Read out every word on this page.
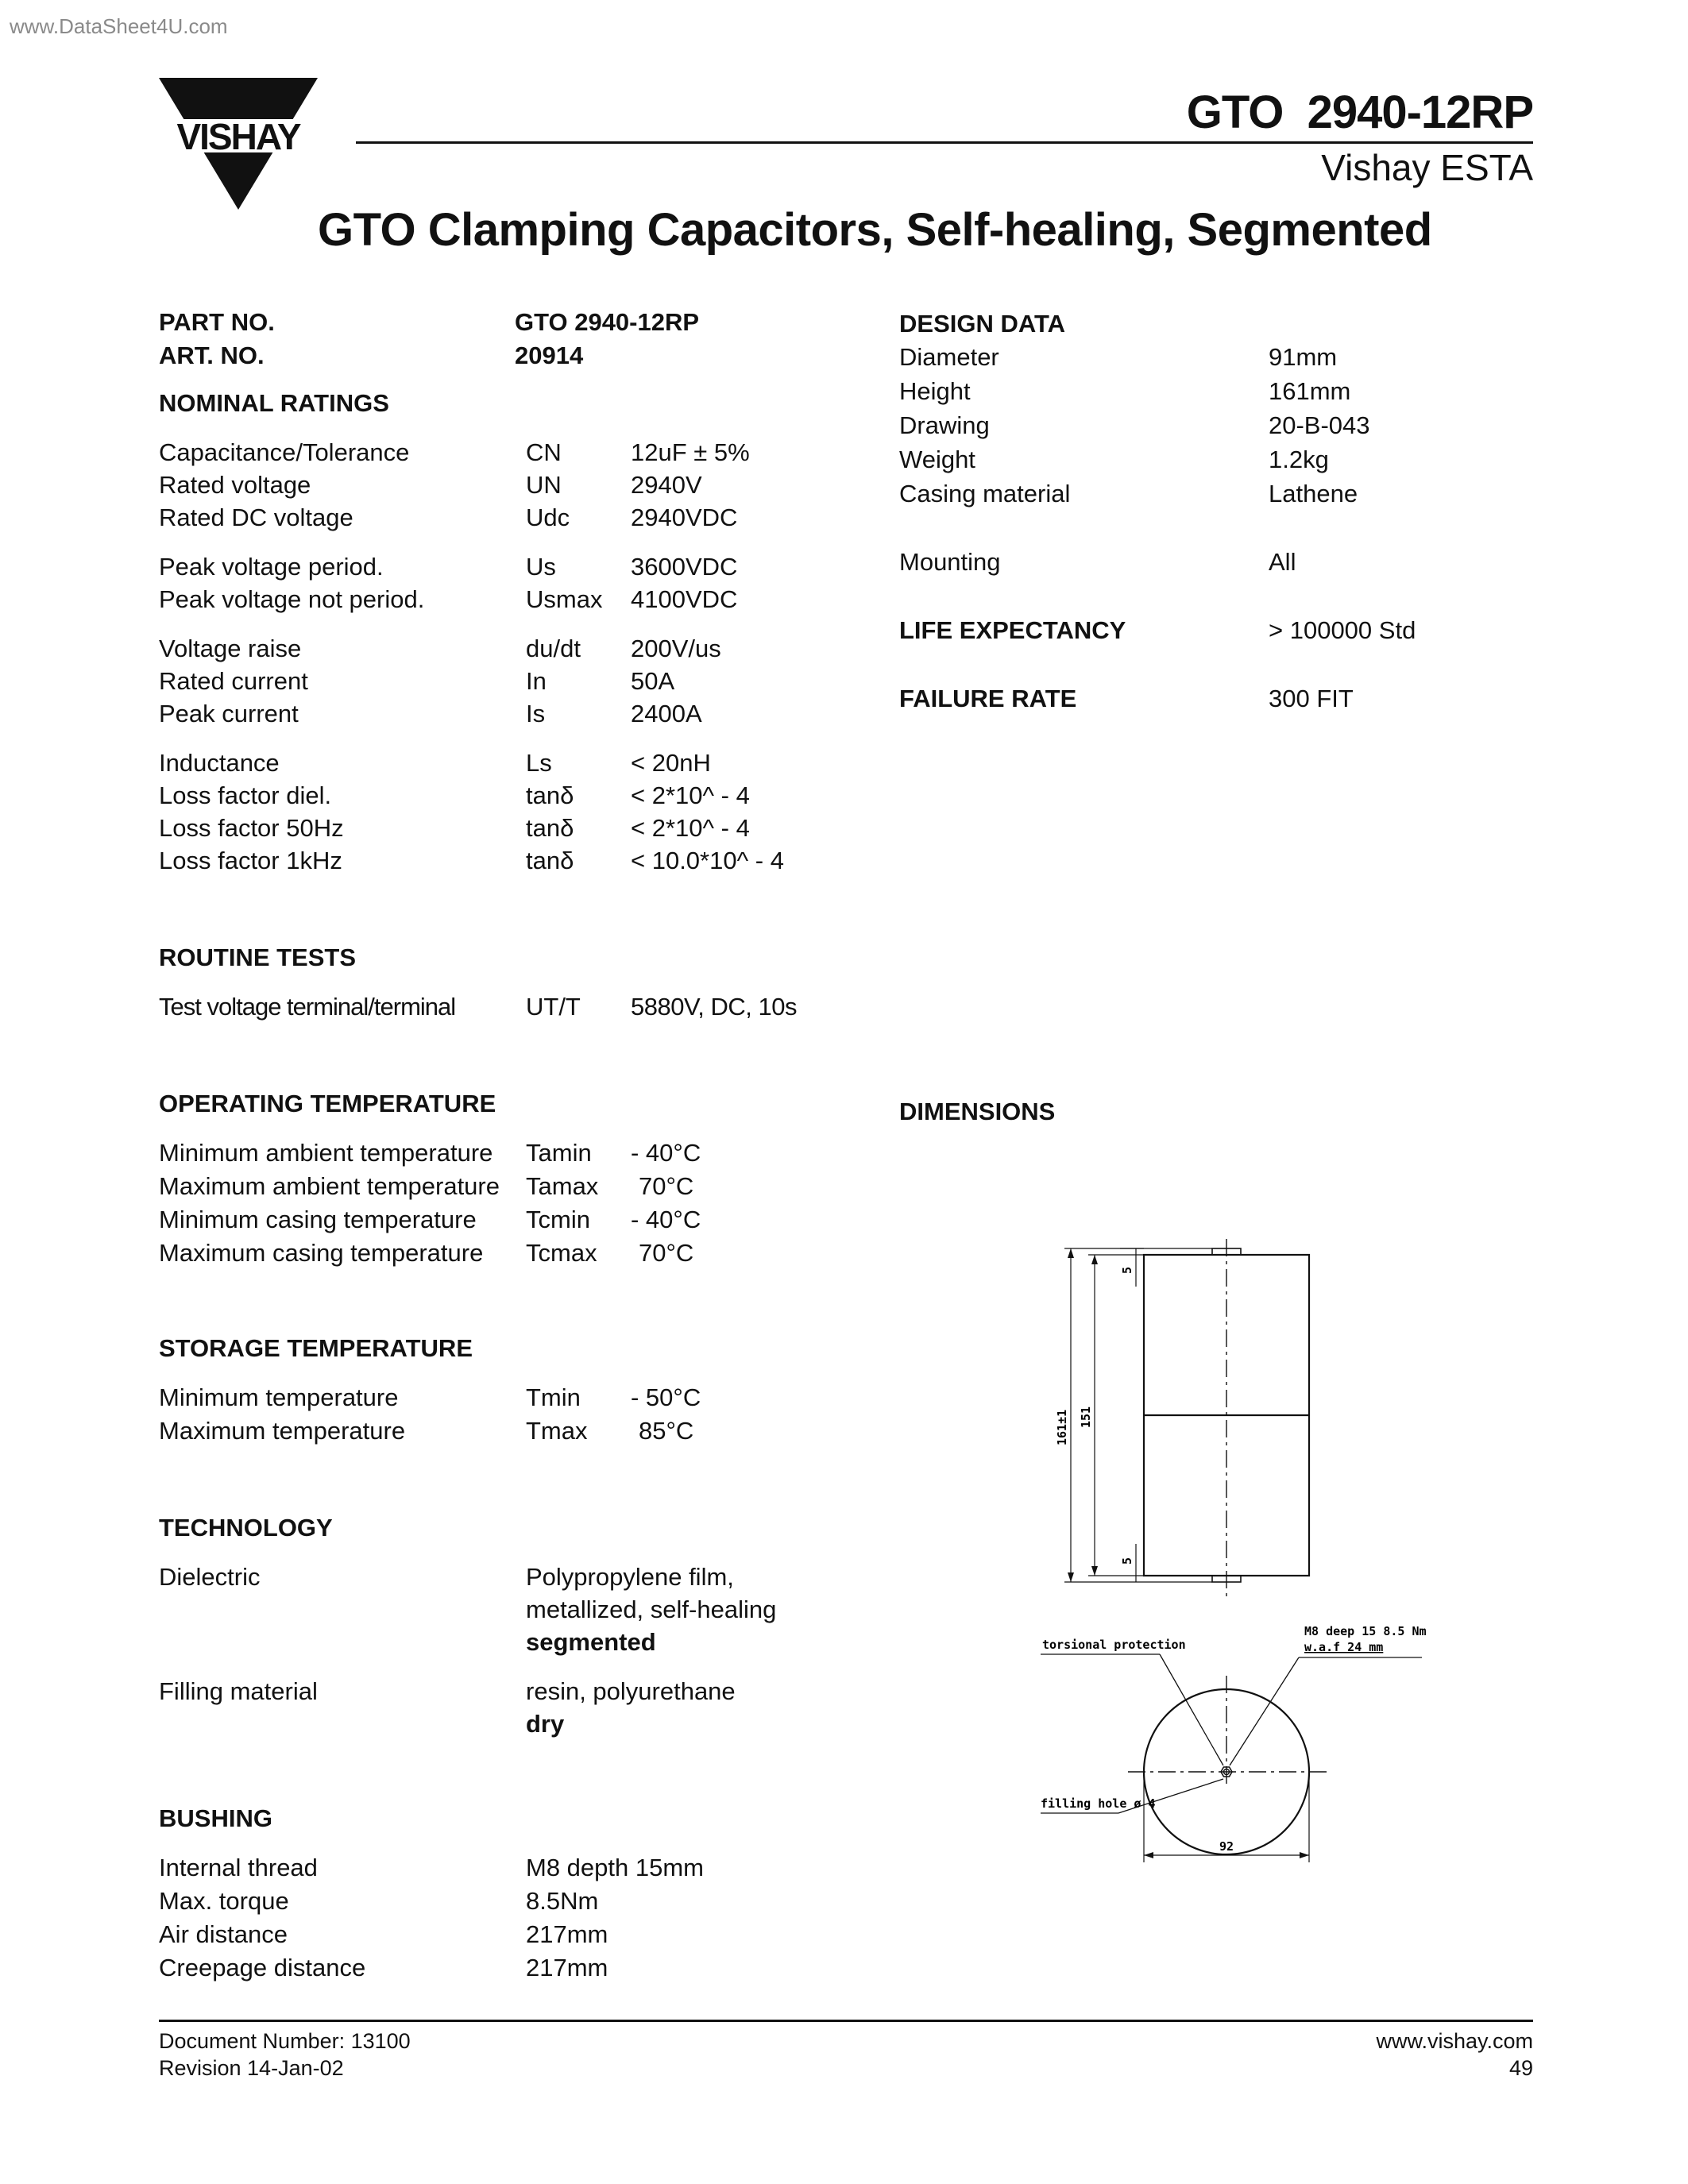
www.DataSheet4U.com
VISHAY	GTO  2940-12RP
Vishay ESTA
GTO Clamping Capacitors, Self-healing, Segmented
PART NO.	GTO 2940-12RP
ART. NO.	20914
NOMINAL RATINGS
Capacitance/Tolerance	CN	12uF ± 5%
Rated voltage	UN	2940V
Rated DC voltage	Udc 2940VDC
Peak voltage period.	Us	3600VDC
Peak voltage not period.	Usmax 4100VDC
Voltage raise	du/dt 200V/us
Rated current	In	50A
Peak current	Is	2400A
Inductance	Ls	< 20nH
Loss factor diel.	tanδ < 2*10^ - 4
Loss factor 50Hz	tanδ < 2*10^ - 4
Loss factor 1kHz	tanδ < 10.0*10^ - 4
ROUTINE TESTS
Test voltage terminal/terminal	UT/T 5880V, DC, 10s
OPERATING TEMPERATURE
Minimum ambient temperature Tamin - 40°C
Maximum ambient temperature Tamax 70°C
Minimum casing temperature Tcmin - 40°C
Maximum casing temperature Tcmax 70°C
STORAGE TEMPERATURE
Minimum temperature	Tmin - 50°C
Maximum temperature	Tmax 85°C
TECHNOLOGY
Dielectric	Polypropylene film,
metallized, self-healing
segmented
Filling material	resin, polyurethane
dry
BUSHING
Internal thread	M8 depth 15mm
Max. torque	8.5Nm
Air distance	217mm
Creepage distance	217mm
DESIGN DATA
Diameter	91mm
Height	161mm
Drawing	20-B-043
Weight	1.2kg
Casing material	Lathene
Mounting	All
LIFE EXPECTANCY	> 100000 Std
FAILURE RATE	300 FIT
DIMENSIONS
161±1 151
5
5
torsional protection
M8 deep 15 8.5 Nm
w.a.f 24 mm
filling hole ø 4
92
Document Number: 13100
Revision 14-Jan-02
www.vishay.com
49
